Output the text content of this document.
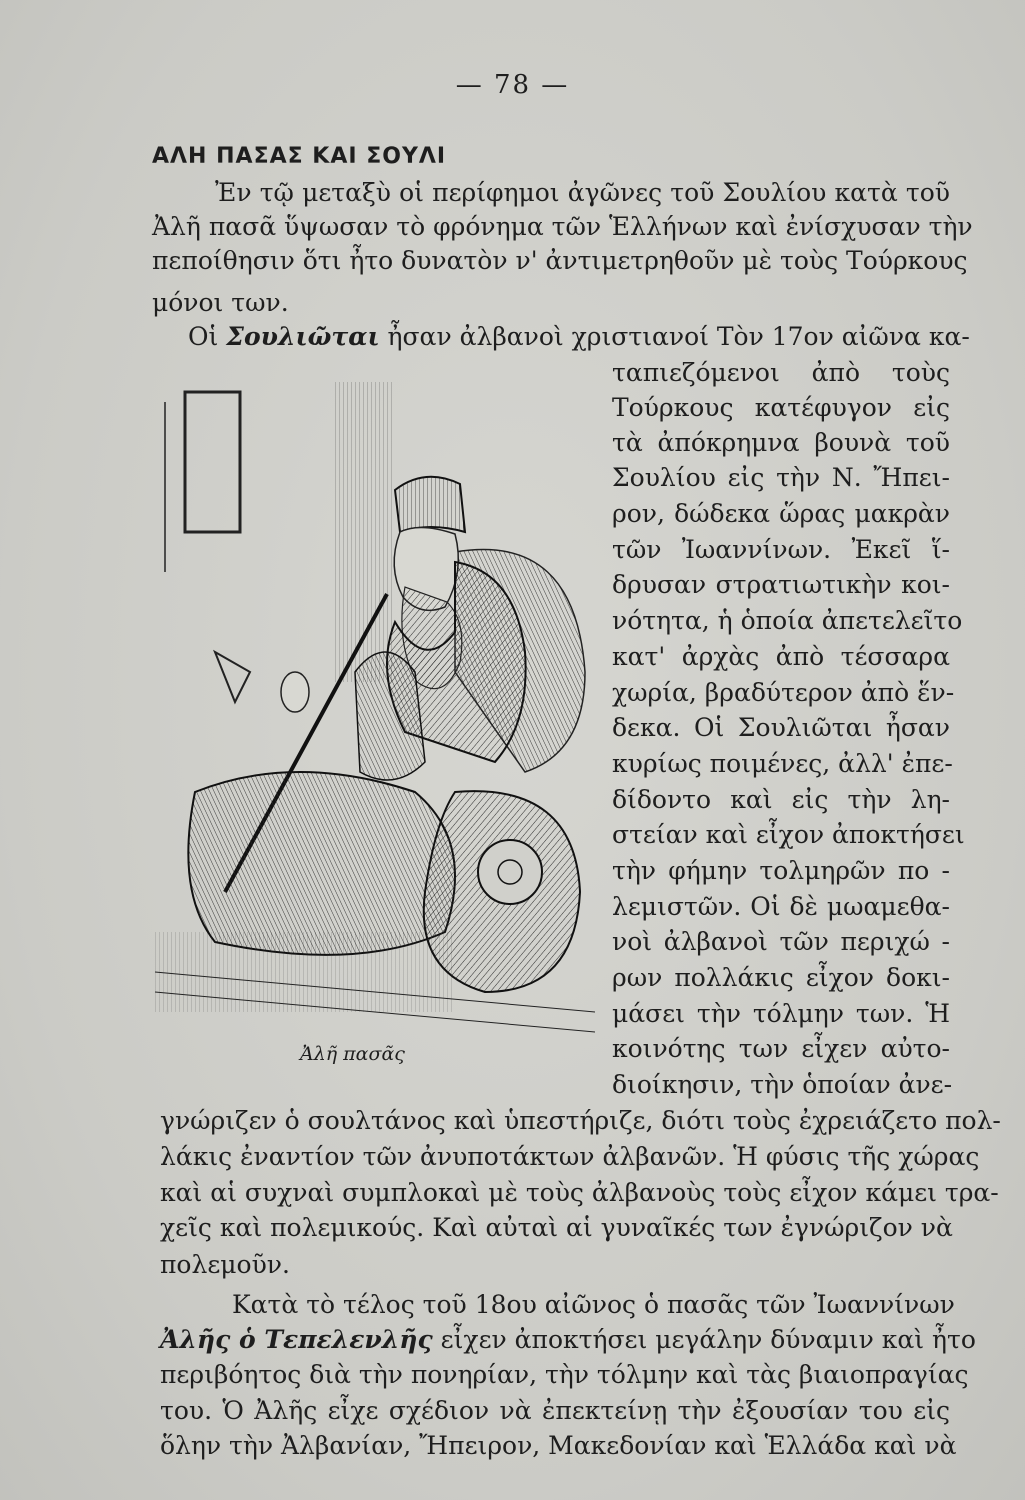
— 78 —
ΑΛΗ ΠΑΣΑΣ ΚΑΙ ΣΟΥΛΙ
Ἐν τῷ μεταξὺ οἱ περίφημοι ἀγῶνες τοῦ Σουλίου κατὰ τοῦ
Ἀλῆ πασᾶ ὕψωσαν τὸ φρόνημα τῶν Ἑλλήνων καὶ ἐνίσχυσαν τὴν
πεποίθησιν ὅτι ἦτο δυνατὸν ν' ἀντιμετρηθοῦν μὲ τοὺς Τούρκους
μόνοι των.
Οἱ Σουλιῶται ἦσαν ἀλβανοὶ χριστιανοί Τὸν 17ον αἰῶνα κα-
ταπιεζόμενοι ἀπὸ τοὺς
Τούρκους κατέφυγον εἰς
τὰ ἀπόκρημνα βουνὰ τοῦ
Σουλίου εἰς τὴν Ν. Ἤπει-
ρον, δώδεκα ὥρας μακρὰν
τῶν Ἰωαννίνων. Ἐκεῖ ἵ-
δρυσαν στρατιωτικὴν κοι-
νότητα, ἡ ὁποία ἀπετελεῖτο
κατ' ἀρχὰς ἀπὸ τέσσαρα
χωρία, βραδύτερον ἀπὸ ἕν-
δεκα. Οἱ Σουλιῶται ἦσαν
κυρίως ποιμένες, ἀλλ' ἐπε-
δίδοντο καὶ εἰς τὴν λη-
στείαν καὶ εἶχον ἀποκτήσει
τὴν φήμην τολμηρῶν πο -
λεμιστῶν. Οἱ δὲ μωαμεθα-
νοὶ ἀλβανοὶ τῶν περιχώ -
ρων πολλάκις εἶχον δοκι-
μάσει τὴν τόλμην των. Ἡ
κοινότης των εἶχεν αὐτο-
διοίκησιν, τὴν ὁποίαν ἀνε-
Ἀλῆ πασᾶς
γνώριζεν ὁ σουλτάνος καὶ ὑπεστήριζε, διότι τοὺς ἐχρειάζετο πολ-
λάκις ἐναντίον τῶν ἀνυποτάκτων ἀλβανῶν. Ἡ φύσις τῆς χώρας
καὶ αἱ συχναὶ συμπλοκαὶ μὲ τοὺς ἀλβανοὺς τοὺς εἶχον κάμει τρα-
χεῖς καὶ πολεμικούς. Καὶ αὐταὶ αἱ γυναῖκές των ἐγνώριζον νὰ
πολεμοῦν.
Κατὰ τὸ τέλος τοῦ 18ου αἰῶνος ὁ πασᾶς τῶν Ἰωαννίνων
Ἀλῆς ὁ Τεπελενλῆς εἶχεν ἀποκτήσει μεγάλην δύναμιν καὶ ἦτο
περιβόητος διὰ τὴν πονηρίαν, τὴν τόλμην καὶ τὰς βιαιοπραγίας
του. Ὁ Ἀλῆς εἶχε σχέδιον νὰ ἐπεκτείνῃ τὴν ἐξουσίαν του εἰς
ὅλην τὴν Ἀλβανίαν, Ἤπειρον, Μακεδονίαν καὶ Ἑλλάδα καὶ νὰ
